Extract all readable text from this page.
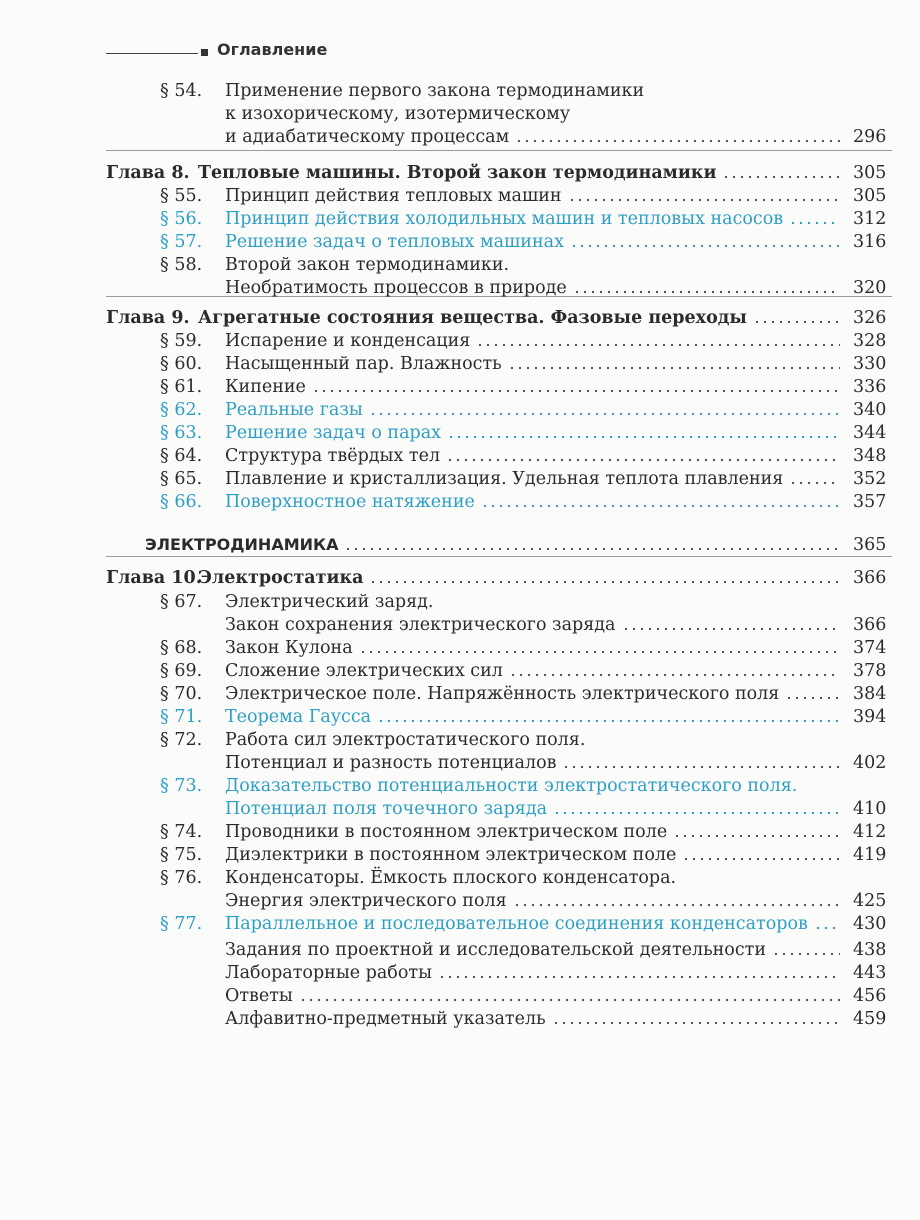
Оглавление
§ 54. Применение первого закона термодинамики
к изохорическому, изотермическому
и адиабатическому процессам	296
Глава 8. Тепловые машины. Второй закон термодинамики	305
§ 55. Принцип действия тепловых машин	305
§ 56. Принцип действия холодильных машин и тепловых насосов	312
§ 57. Решение задач о тепловых машинах	316
§ 58. Второй закон термодинамики.
Необратимость процессов в природе	320
Глава 9. Агрегатные состояния вещества. Фазовые переходы	326
§ 59. Испарение и конденсация	328
§ 60. Насыщенный пар. Влажность	330
§ 61. Кипение	336
§ 62. Реальные газы	340
§ 63. Решение задач о парах	344
§ 64. Структура твёрдых тел	348
§ 65. Плавление и кристаллизация. Удельная теплота плавления	352
§ 66. Поверхностное натяжение	357
ЭЛЕКТРОДИНАМИКА	365
Глава 10.
Электростатика	366
§ 67. Электрический заряд.
Закон сохранения электрического заряда	366
§ 68. Закон Кулона	374
§ 69. Сложение электрических сил	378
§ 70. Электрическое поле. Напряжённость электрического поля	384
§ 71. Теорема Гаусса	394
§ 72. Работа сил электростатического поля.
Потенциал и разность потенциалов	402
§ 73. Доказательство потенциальности электростатического поля.
Потенциал поля точечного заряда	410
§ 74. Проводники в постоянном электрическом поле	412
§ 75. Диэлектрики в постоянном электрическом поле	419
§ 76. Конденсаторы. Ёмкость плоского конденсатора.
Энергия электрического поля	425
§ 77. Параллельное и последовательное соединения конденсаторов	430
Задания по проектной и исследовательской деятельности	438
Лабораторные работы	443
Ответы	456
Алфавитно-предметный указатель	459
